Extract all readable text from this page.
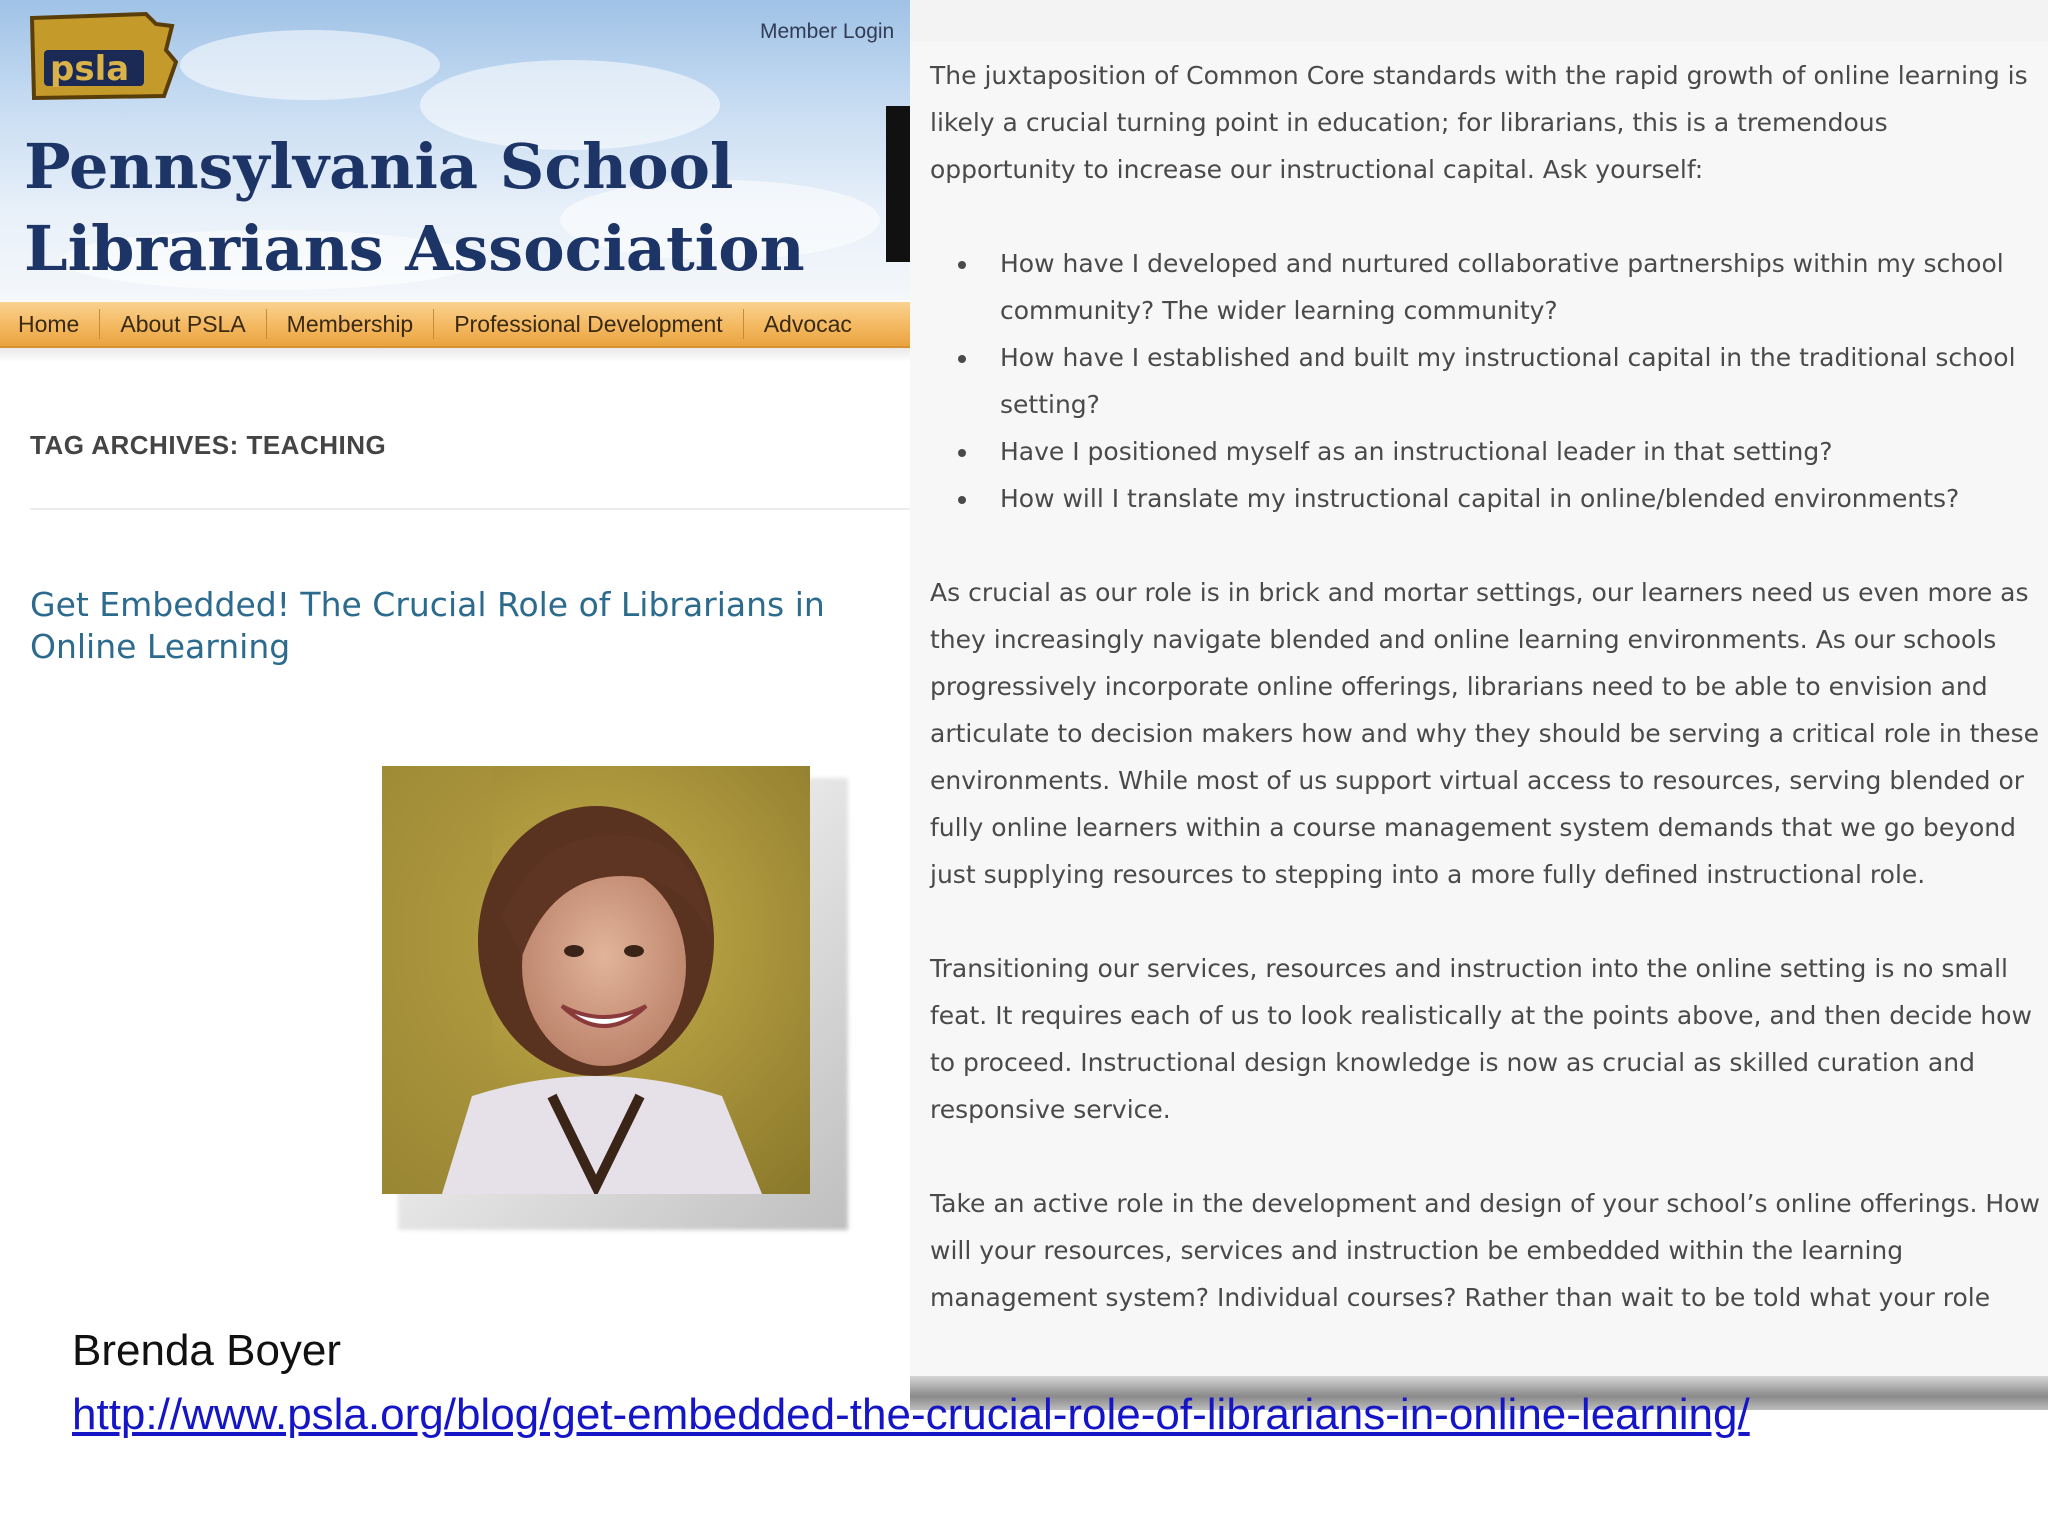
psla
Member Login
Pennsylvania School
Librarians Association
Home	About PSLA	Membership	Professional Development	Advocac
TAG ARCHIVES: TEACHING
Get Embedded! The Crucial Role of Librarians in Online Learning

The juxtaposition of Common Core standards with the rapid growth of online learning is likely a crucial turning point in education; for librarians, this is a tremendous opportunity to increase our instructional capital. Ask yourself:

• How have I developed and nurtured collaborative partnerships within my school community? The wider learning community?
• How have I established and built my instructional capital in the traditional school setting?
• Have I positioned myself as an instructional leader in that setting?
• How will I translate my instructional capital in online/blended environments?

As crucial as our role is in brick and mortar settings, our learners need us even more as they increasingly navigate blended and online learning environments. As our schools progressively incorporate online offerings, librarians need to be able to envision and articulate to decision makers how and why they should be serving a critical role in these environments. While most of us support virtual access to resources, serving blended or fully online learners within a course management system demands that we go beyond just supplying resources to stepping into a more fully defined instructional role.

Transitioning our services, resources and instruction into the online setting is no small feat. It requires each of us to look realistically at the points above, and then decide how to proceed. Instructional design knowledge is now as crucial as skilled curation and responsive service.

Take an active role in the development and design of your school’s online offerings. How will your resources, services and instruction be embedded within the learning management system? Individual courses? Rather than wait to be told what your role

Brenda Boyer
http://www.psla.org/blog/get-embedded-the-crucial-role-of-librarians-in-online-learning/
